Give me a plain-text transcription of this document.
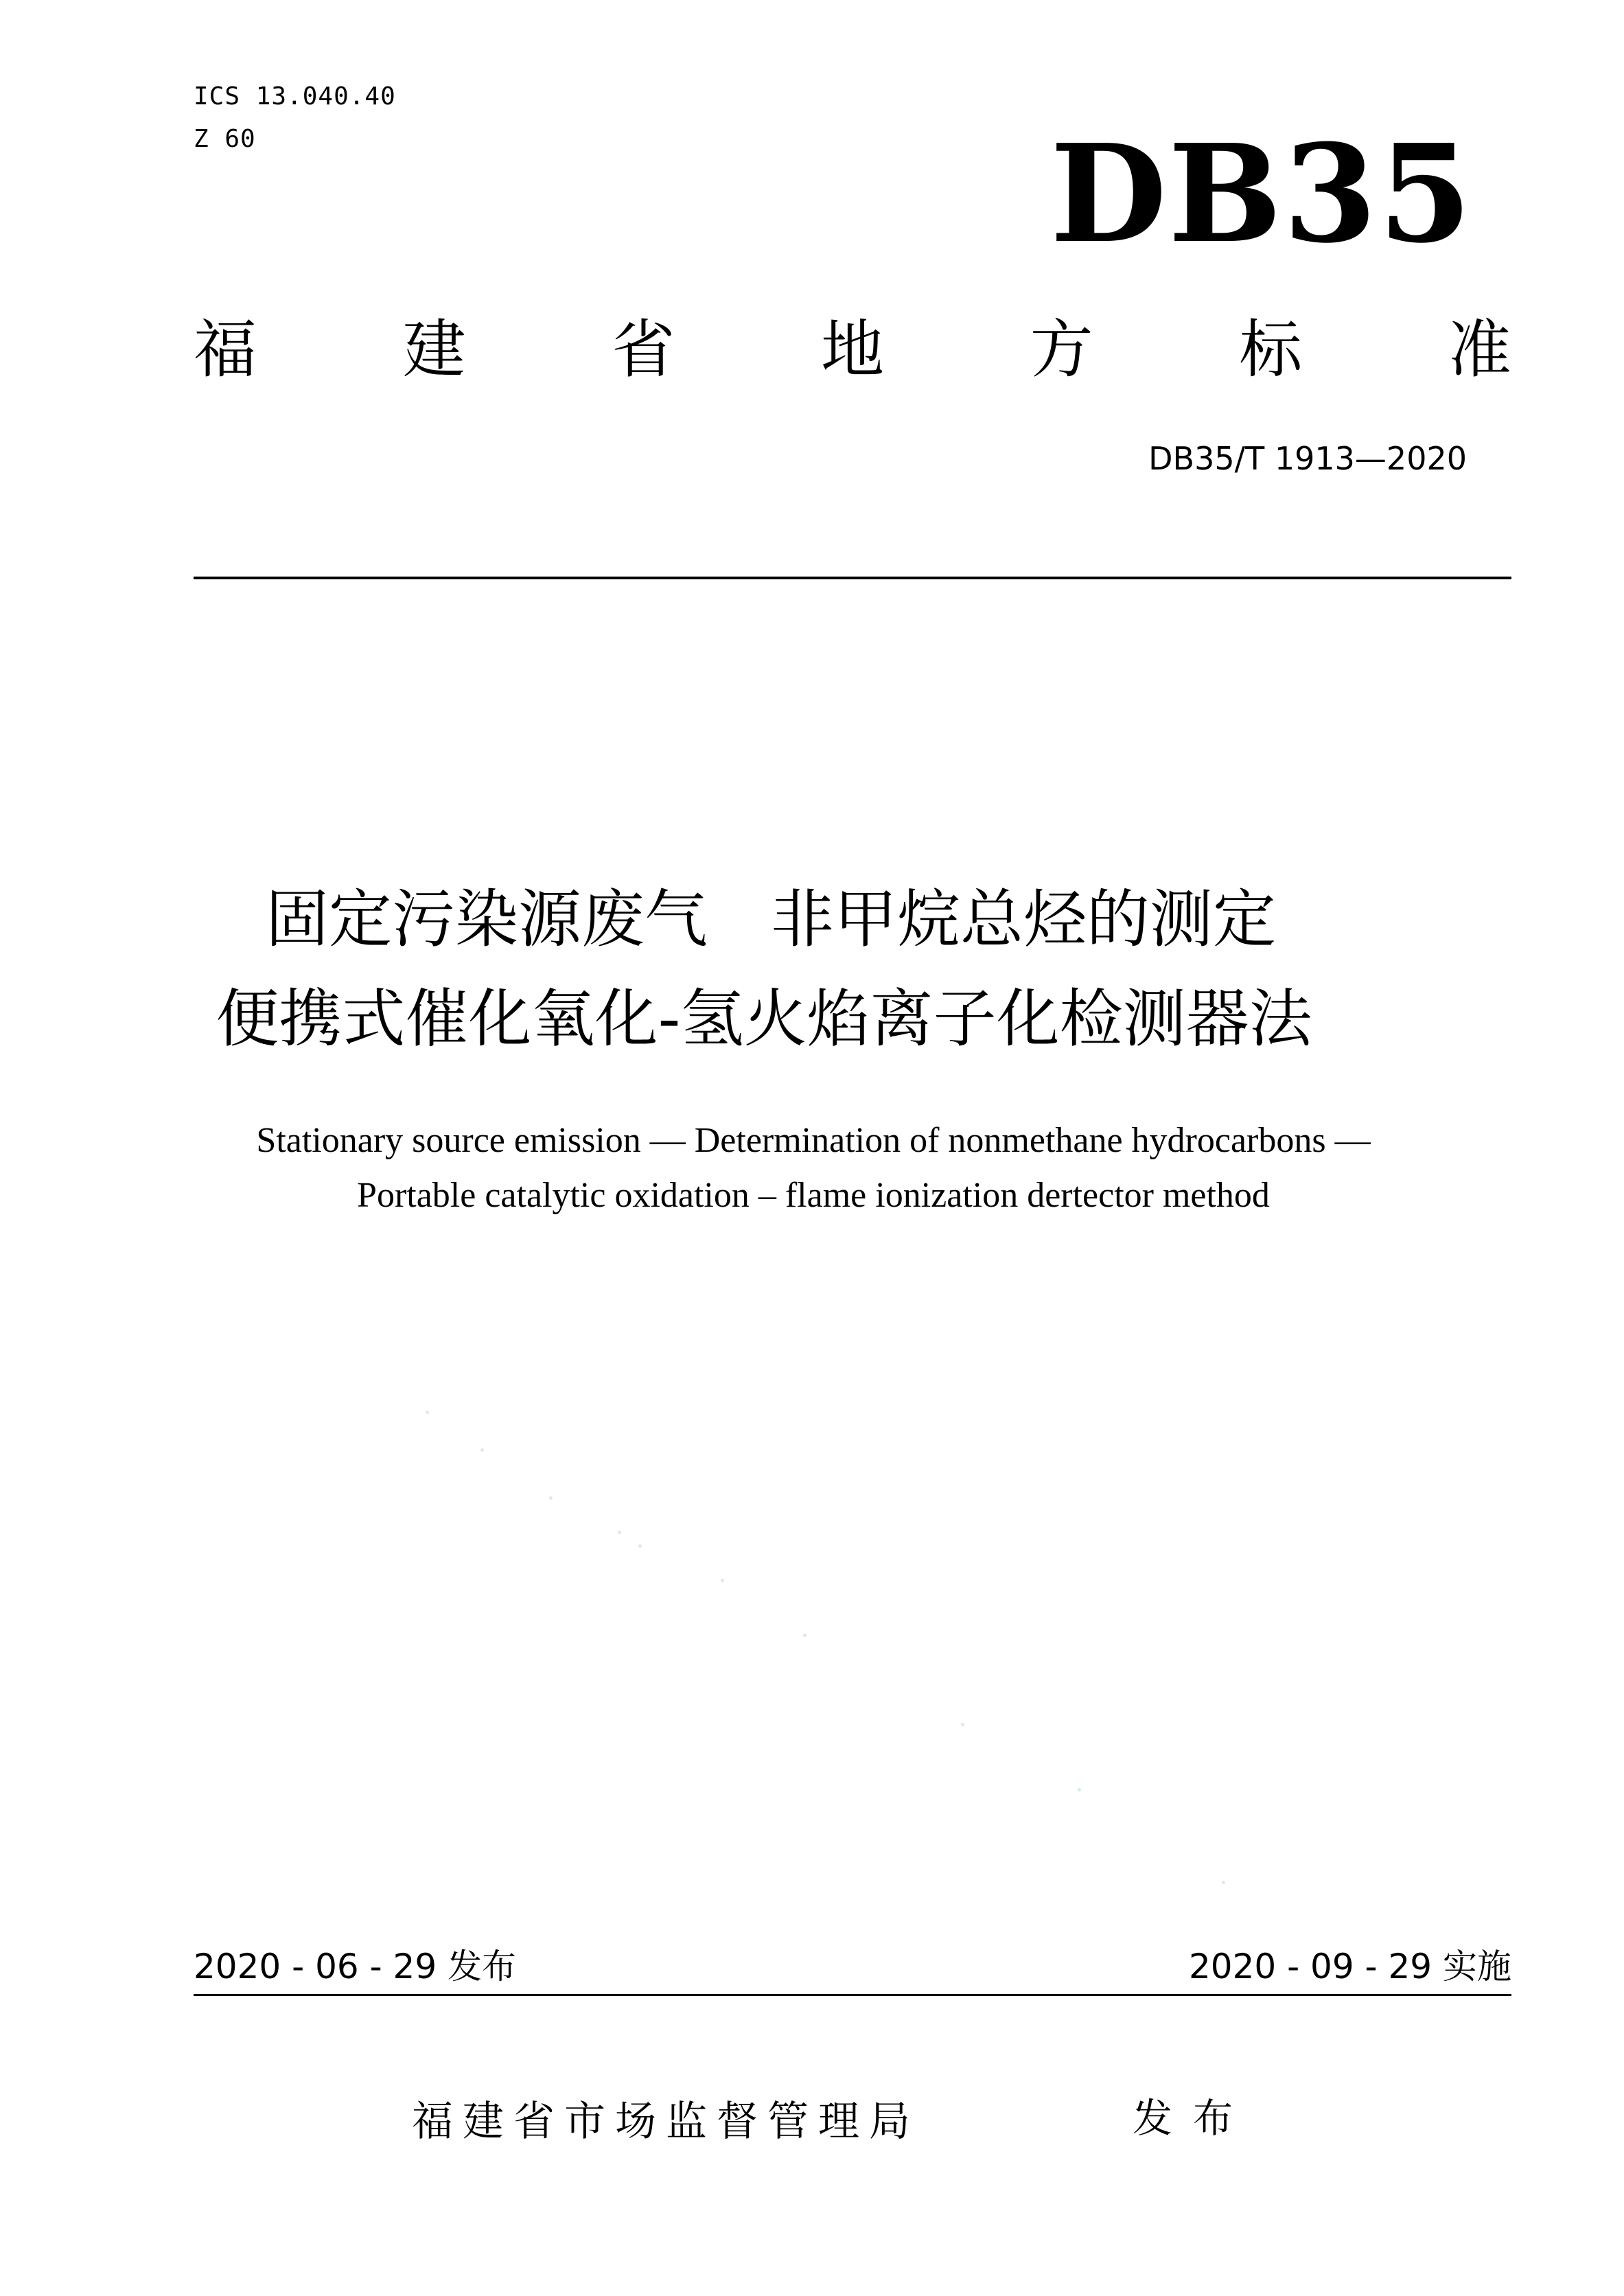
ICS 13.040.40
Z 60	DB35
福 建 省 地 方 标 准
DB35/T 1913—2020
固定污染源废气　非甲烷总烃的测定
便携式催化氧化-氢火焰离子化检测器法
Stationary source emission — Determination of nonmethane hydrocarbons —
Portable catalytic oxidation – flame ionization dertector method
2020 - 06 - 29 发布	2020 - 09 - 29 实施
福建省市场监督管理局	发布
